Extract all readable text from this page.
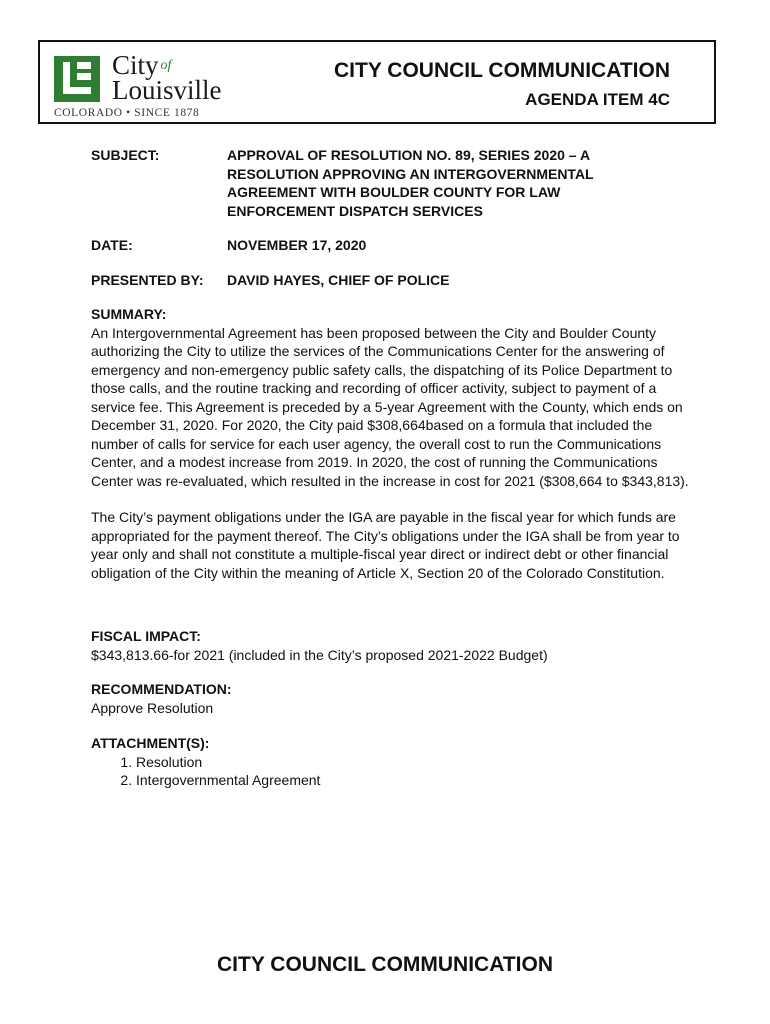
City of
Louisville
COLORADO • SINCE 1878
CITY COUNCIL COMMUNICATION
AGENDA ITEM 4C
SUBJECT:	APPROVAL OF RESOLUTION NO. 89, SERIES 2020 – A RESOLUTION APPROVING AN INTERGOVERNMENTAL AGREEMENT WITH BOULDER COUNTY FOR LAW ENFORCEMENT DISPATCH SERVICES
DATE:	NOVEMBER 17, 2020
PRESENTED BY: DAVID HAYES, CHIEF OF POLICE
SUMMARY:

An Intergovernmental Agreement has been proposed between the City and Boulder County authorizing the City to utilize the services of the Communications Center for the answering of emergency and non-emergency public safety calls, the dispatching of its Police Department to those calls, and the routine tracking and recording of officer activity, subject to payment of a service fee. This Agreement is preceded by a 5-year Agreement with the County, which ends on December 31, 2020. For 2020, the City paid $308,664based on a formula that included the number of calls for service for each user agency, the overall cost to run the Communications Center, and a modest increase from 2019. In 2020, the cost of running the Communications Center was re-evaluated, which resulted in the increase in cost for 2021 ($308,664 to $343,813).

The City’s payment obligations under the IGA are payable in the fiscal year for which funds are appropriated for the payment thereof. The City’s obligations under the IGA shall be from year to year only and shall not constitute a multiple-fiscal year direct or indirect debt or other financial obligation of the City within the meaning of Article X, Section 20 of the Colorado Constitution.

FISCAL IMPACT:
$343,813.66-for 2021 (included in the City’s proposed 2021-2022 Budget)
RECOMMENDATION:
Approve Resolution
ATTACHMENT(S):
1. Resolution
2. Intergovernmental Agreement
CITY COUNCIL COMMUNICATION
